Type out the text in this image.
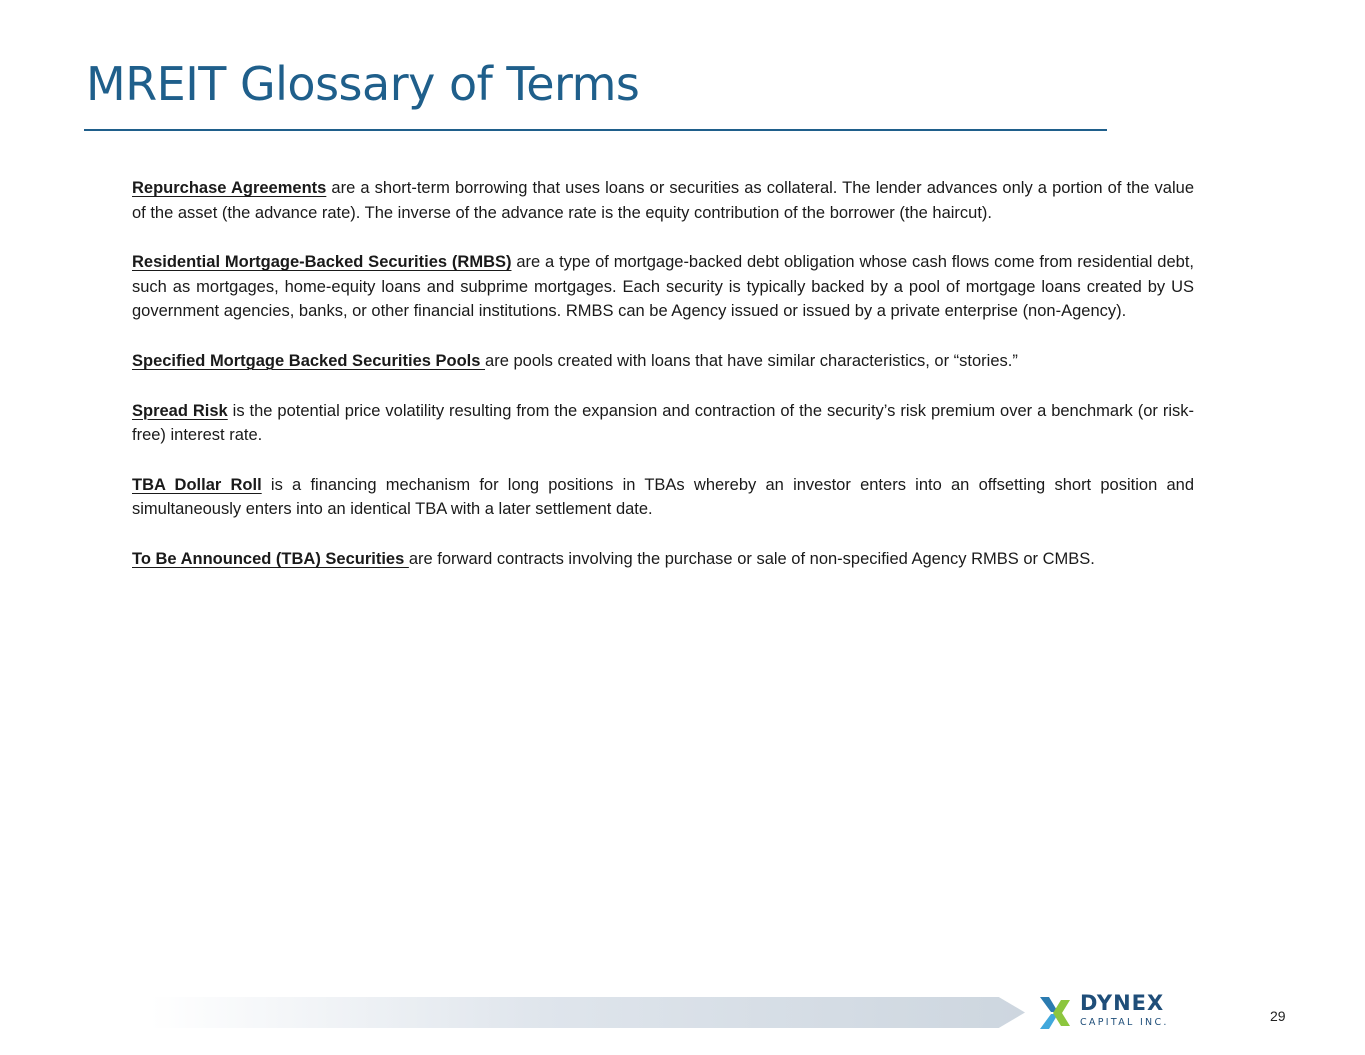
MREIT Glossary of Terms

Repurchase Agreements are a short-term borrowing that uses loans or securities as collateral. The lender advances only a portion of the value of the asset (the advance rate). The inverse of the advance rate is the equity contribution of the borrower (the haircut).

Residential Mortgage-Backed Securities (RMBS) are a type of mortgage-backed debt obligation whose cash flows come from residential debt, such as mortgages, home-equity loans and subprime mortgages. Each security is typically backed by a pool of mortgage loans created by US government agencies, banks, or other financial institutions. RMBS can be Agency issued or issued by a private enterprise (non-Agency).

Specified Mortgage Backed Securities Pools are pools created with loans that have similar characteristics, or “stories.”

Spread Risk is the potential price volatility resulting from the expansion and contraction of the security’s risk premium over a benchmark (or risk-free) interest rate.

TBA Dollar Roll is a financing mechanism for long positions in TBAs whereby an investor enters into an offsetting short position and simultaneously enters into an identical TBA with a later settlement date.

To Be Announced (TBA) Securities are forward contracts involving the purchase or sale of non-specified Agency RMBS or CMBS.

DYNEX
CAPITAL INC.	29
